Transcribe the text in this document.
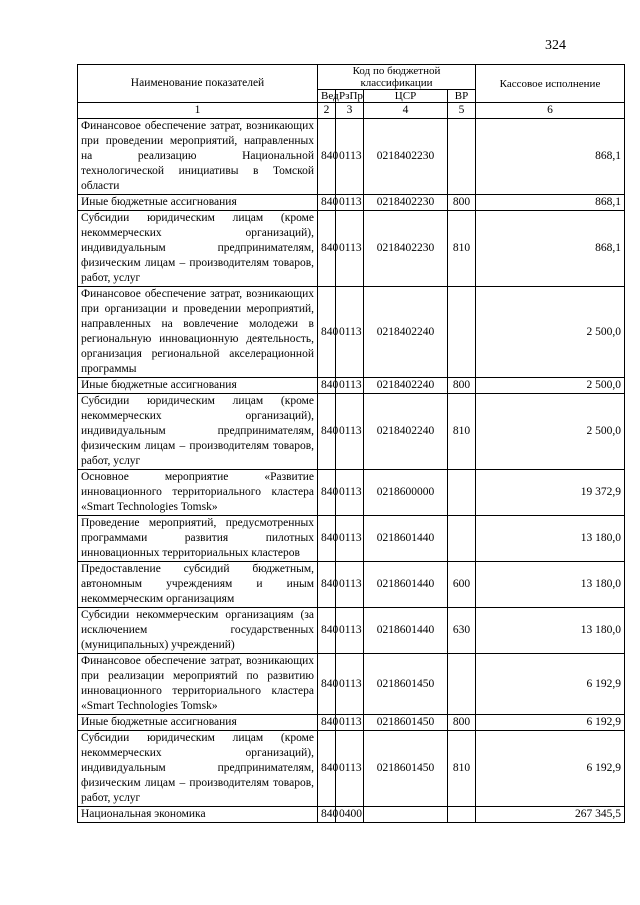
324
Наименование показателей	Код по бюджетной классификации				Кассовое исполнение
	Вед	РзПр	ЦСР	ВР	
1	2	3	4	5	6
Финансовое обеспечение затрат, возникающих при проведении мероприятий, направленных на реализацию Национальной технологической инициативы в Томской области	840	0113	0218402230		868,1
Иные бюджетные ассигнования	840	0113	0218402230	800	868,1
Субсидии юридическим лицам (кроме некоммерческих организаций), индивидуальным предпринимателям, физическим лицам – производителям товаров, работ, услуг	840	0113	0218402230	810	868,1
Финансовое обеспечение затрат, возникающих при организации и проведении мероприятий, направленных на вовлечение молодежи в региональную инновационную деятельность, организация региональной акселерационной программы	840	0113	0218402240		2 500,0
Иные бюджетные ассигнования	840	0113	0218402240	800	2 500,0
Субсидии юридическим лицам (кроме некоммерческих организаций), индивидуальным предпринимателям, физическим лицам – производителям товаров, работ, услуг	840	0113	0218402240	810	2 500,0
Основное мероприятие «Развитие инновационного территориального кластера «Smart Technologies Tomsk»	840	0113	0218600000		19 372,9
Проведение мероприятий, предусмотренных программами развития пилотных инновационных территориальных кластеров	840	0113	0218601440		13 180,0
Предоставление субсидий бюджетным, автономным учреждениям и иным некоммерческим организациям	840	0113	0218601440	600	13 180,0
Субсидии некоммерческим организациям (за исключением государственных (муниципальных) учреждений)	840	0113	0218601440	630	13 180,0
Финансовое обеспечение затрат, возникающих при реализации мероприятий по развитию инновационного территориального кластера «Smart Technologies Tomsk»	840	0113	0218601450		6 192,9
Иные бюджетные ассигнования	840	0113	0218601450	800	6 192,9
Субсидии юридическим лицам (кроме некоммерческих организаций), индивидуальным предпринимателям, физическим лицам – производителям товаров, работ, услуг	840	0113	0218601450	810	6 192,9
Национальная экономика	840	0400			267 345,5
